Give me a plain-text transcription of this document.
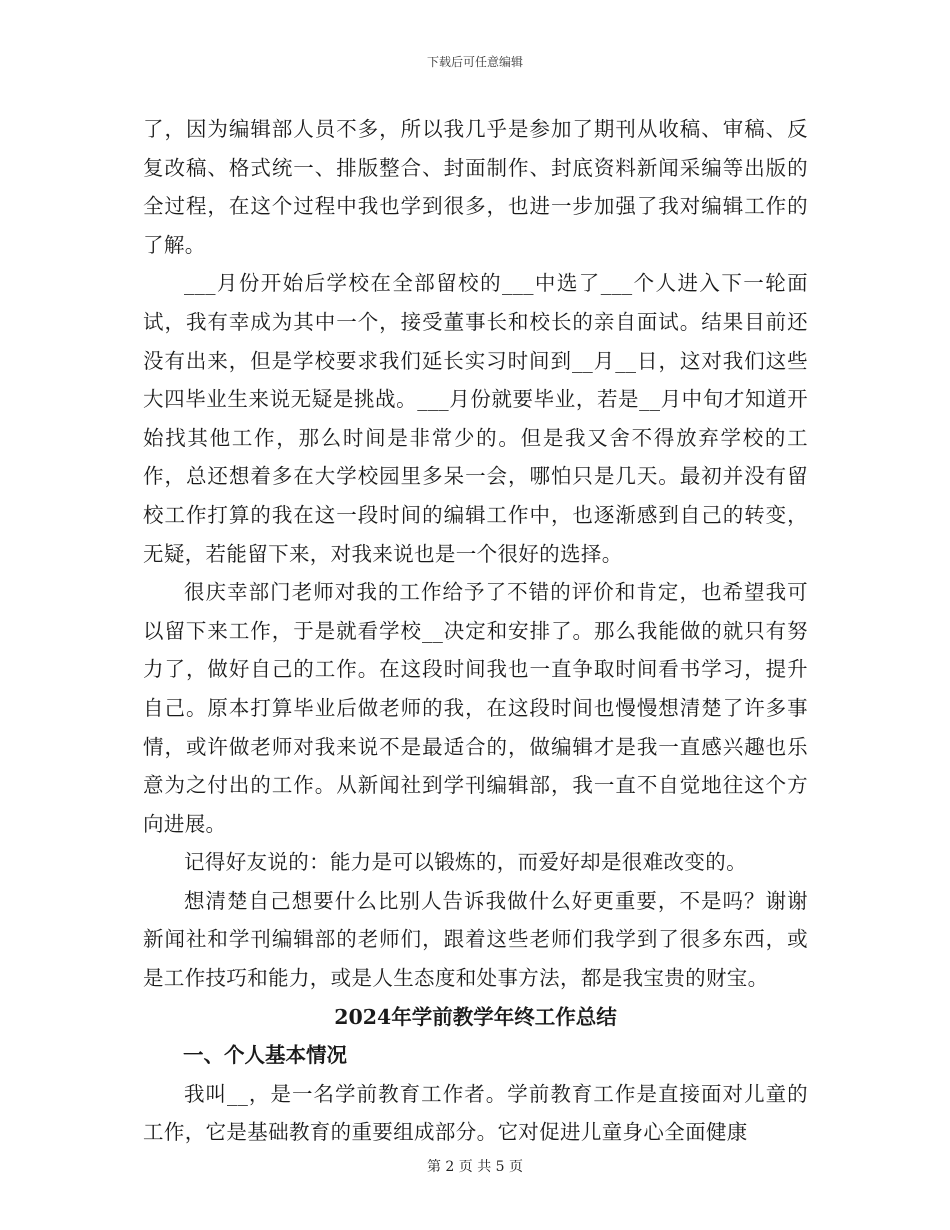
下载后可任意编辑

了，因为编辑部人员不多，所以我几乎是参加了期刊从收稿、审稿、反复改稿、格式统一、排版整合、封面制作、封底资料新闻采编等出版的全过程，在这个过程中我也学到很多，也进一步加强了我对编辑工作的了解。

___月份开始后学校在全部留校的___中选了___个人进入下一轮面试，我有幸成为其中一个，接受董事长和校长的亲自面试。结果目前还没有出来，但是学校要求我们延长实习时间到__月__日，这对我们这些大四毕业生来说无疑是挑战。___月份就要毕业，若是__月中旬才知道开始找其他工作，那么时间是非常少的。但是我又舍不得放弃学校的工作，总还想着多在大学校园里多呆一会，哪怕只是几天。最初并没有留校工作打算的我在这一段时间的编辑工作中，也逐渐感到自己的转变，无疑，若能留下来，对我来说也是一个很好的选择。

很庆幸部门老师对我的工作给予了不错的评价和肯定，也希望我可以留下来工作，于是就看学校__决定和安排了。那么我能做的就只有努力了，做好自己的工作。在这段时间我也一直争取时间看书学习，提升自己。原本打算毕业后做老师的我，在这段时间也慢慢想清楚了许多事情，或许做老师对我来说不是最适合的，做编辑才是我一直感兴趣也乐意为之付出的工作。从新闻社到学刊编辑部，我一直不自觉地往这个方向进展。

记得好友说的：能力是可以锻炼的，而爱好却是很难改变的。

想清楚自己想要什么比别人告诉我做什么好更重要，不是吗？谢谢新闻社和学刊编辑部的老师们，跟着这些老师们我学到了很多东西，或是工作技巧和能力，或是人生态度和处事方法，都是我宝贵的财宝。

2024年学前教学年终工作总结
一、个人基本情况

我叫__，是一名学前教育工作者。学前教育工作是直接面对儿童的工作，它是基础教育的重要组成部分。它对促进儿童身心全面健康

第 2 页 共 5 页
